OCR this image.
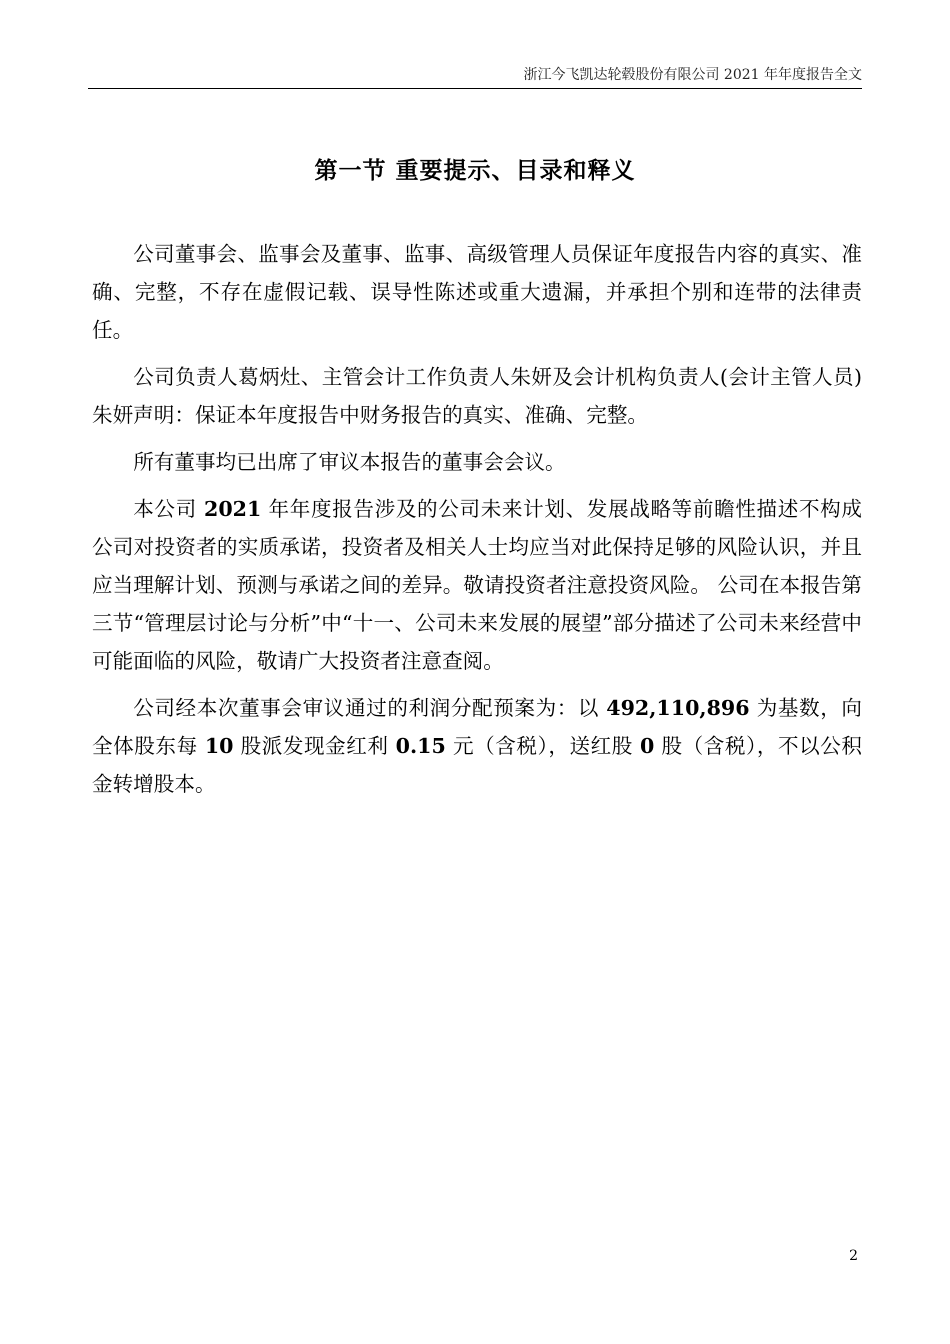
浙江今飞凯达轮毂股份有限公司 2021 年年度报告全文
第一节 重要提示、目录和释义

公司董事会、监事会及董事、监事、高级管理人员保证年度报告内容的真实、准确、完整，不存在虚假记载、误导性陈述或重大遗漏，并承担个别和连带的法律责任。

公司负责人葛炳灶、主管会计工作负责人朱妍及会计机构负责人(会计主管人员)朱妍声明：保证本年度报告中财务报告的真实、准确、完整。

所有董事均已出席了审议本报告的董事会会议。

本公司 2021 年年度报告涉及的公司未来计划、发展战略等前瞻性描述不构成公司对投资者的实质承诺，投资者及相关人士均应当对此保持足够的风险认识，并且应当理解计划、预测与承诺之间的差异。敬请投资者注意投资风险。 公司在本报告第三节“管理层讨论与分析”中“十一、公司未来发展的展望”部分描述了公司未来经营中可能面临的风险，敬请广大投资者注意查阅。

公司经本次董事会审议通过的利润分配预案为：以 492,110,896 为基数，向全体股东每 10 股派发现金红利 0.15 元（含税），送红股 0 股（含税），不以公积金转增股本。

2
